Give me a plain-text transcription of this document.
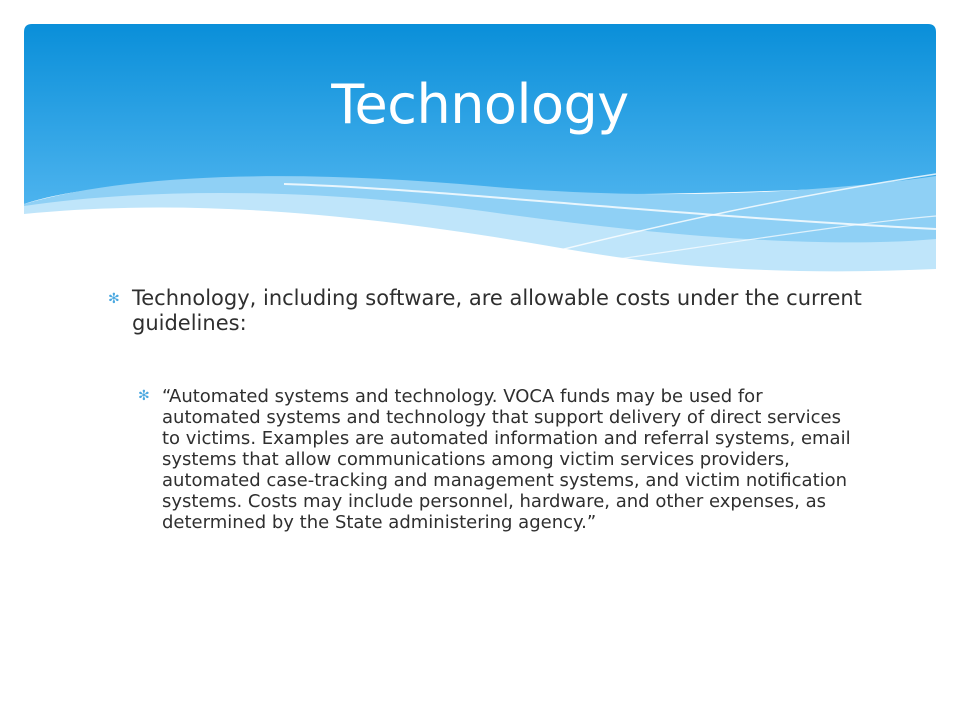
Technology
✻ Technology, including software, are allowable costs under the current guidelines:
✻ “Automated systems and technology. VOCA funds may be used for automated systems and technology that support delivery of direct services to victims. Examples are automated information and referral systems, email systems that allow communications among victim services providers, automated case-tracking and management systems, and victim notification systems. Costs may include personnel, hardware, and other expenses, as determined by the State administering agency.”
